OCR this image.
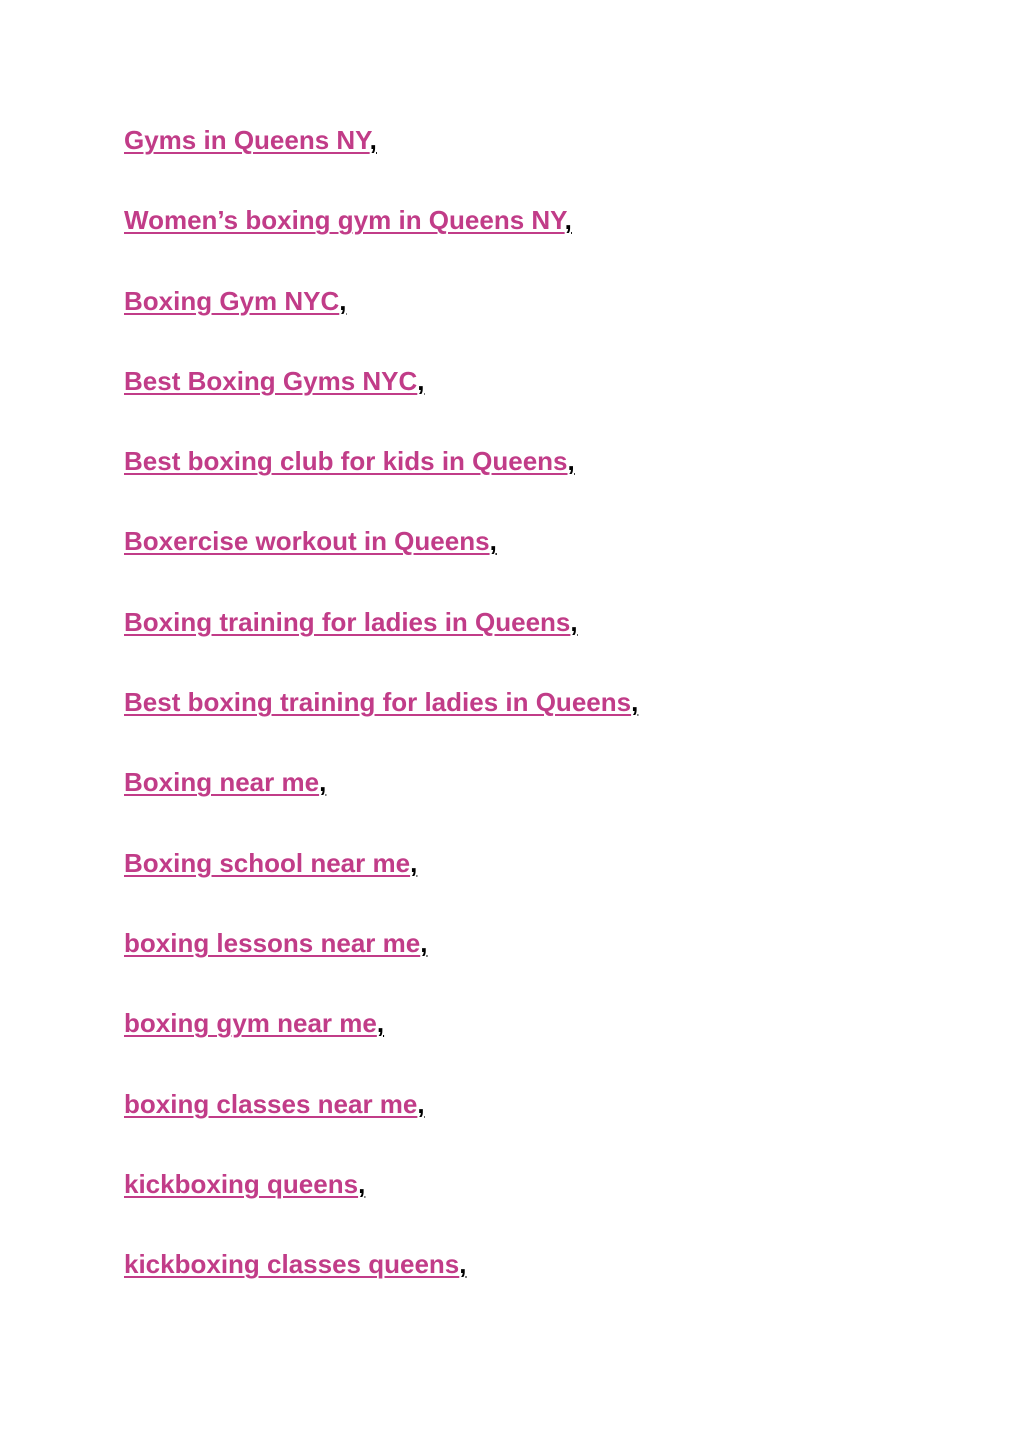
Gyms in Queens NY,
Women’s boxing gym in Queens NY,
Boxing Gym NYC,
Best Boxing Gyms NYC,
Best boxing club for kids in Queens,
Boxercise workout in Queens,
Boxing training for ladies in Queens,
Best boxing training for ladies in Queens,
Boxing near me,
Boxing school near me,
boxing lessons near me,
boxing gym near me,
boxing classes near me,
kickboxing queens,
kickboxing classes queens,
